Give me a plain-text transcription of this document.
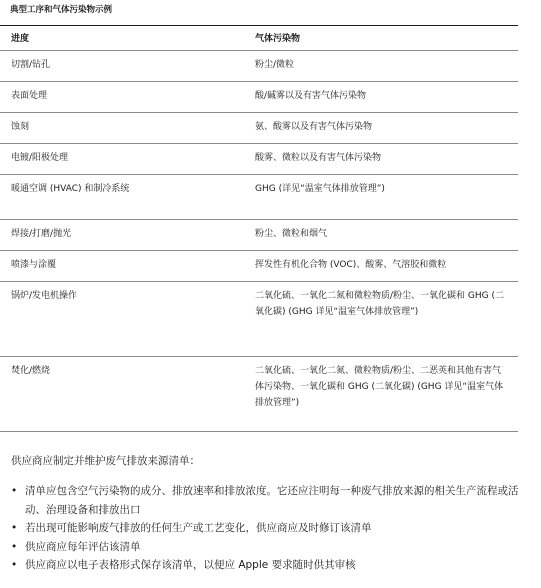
典型工序和气体污染物示例
进度	气体污染物
切割/钻孔	粉尘/微粒
表面处理	酸/碱雾以及有害气体污染物
蚀刻	氨、酸雾以及有害气体污染物
电镀/阳极处理	酸雾、微粒以及有害气体污染物
暖通空调 (HVAC) 和制冷系统	GHG (详见“温室气体排放管理”)
焊接/打磨/抛光	粉尘、微粒和烟气
喷漆与涂覆	挥发性有机化合物 (VOC)、酸雾、气溶胶和微粒
锅炉/发电机操作	二氧化硫、一氧化二氮和微粒物质/粉尘、一氧化碳和 GHG (二氧化碳) (GHG 详见“温室气体排放管理”)
焚化/燃烧	二氧化硫、一氧化二氮、微粒物质/粉尘、二恶英和其他有害气体污染物、一氧化碳和 GHG (二氧化碳) (GHG 详见“温室气体排放管理”)
供应商应制定并维护废气排放来源清单：
• 清单应包含空气污染物的成分、排放速率和排放浓度。它还应注明每一种废气排放来源的相关生产流程或活动、治理设备和排放出口
• 若出现可能影响废气排放的任何生产或工艺变化，供应商应及时修订该清单
• 供应商应每年评估该清单
• 供应商应以电子表格形式保存该清单，以便应 Apple 要求随时供其审核
